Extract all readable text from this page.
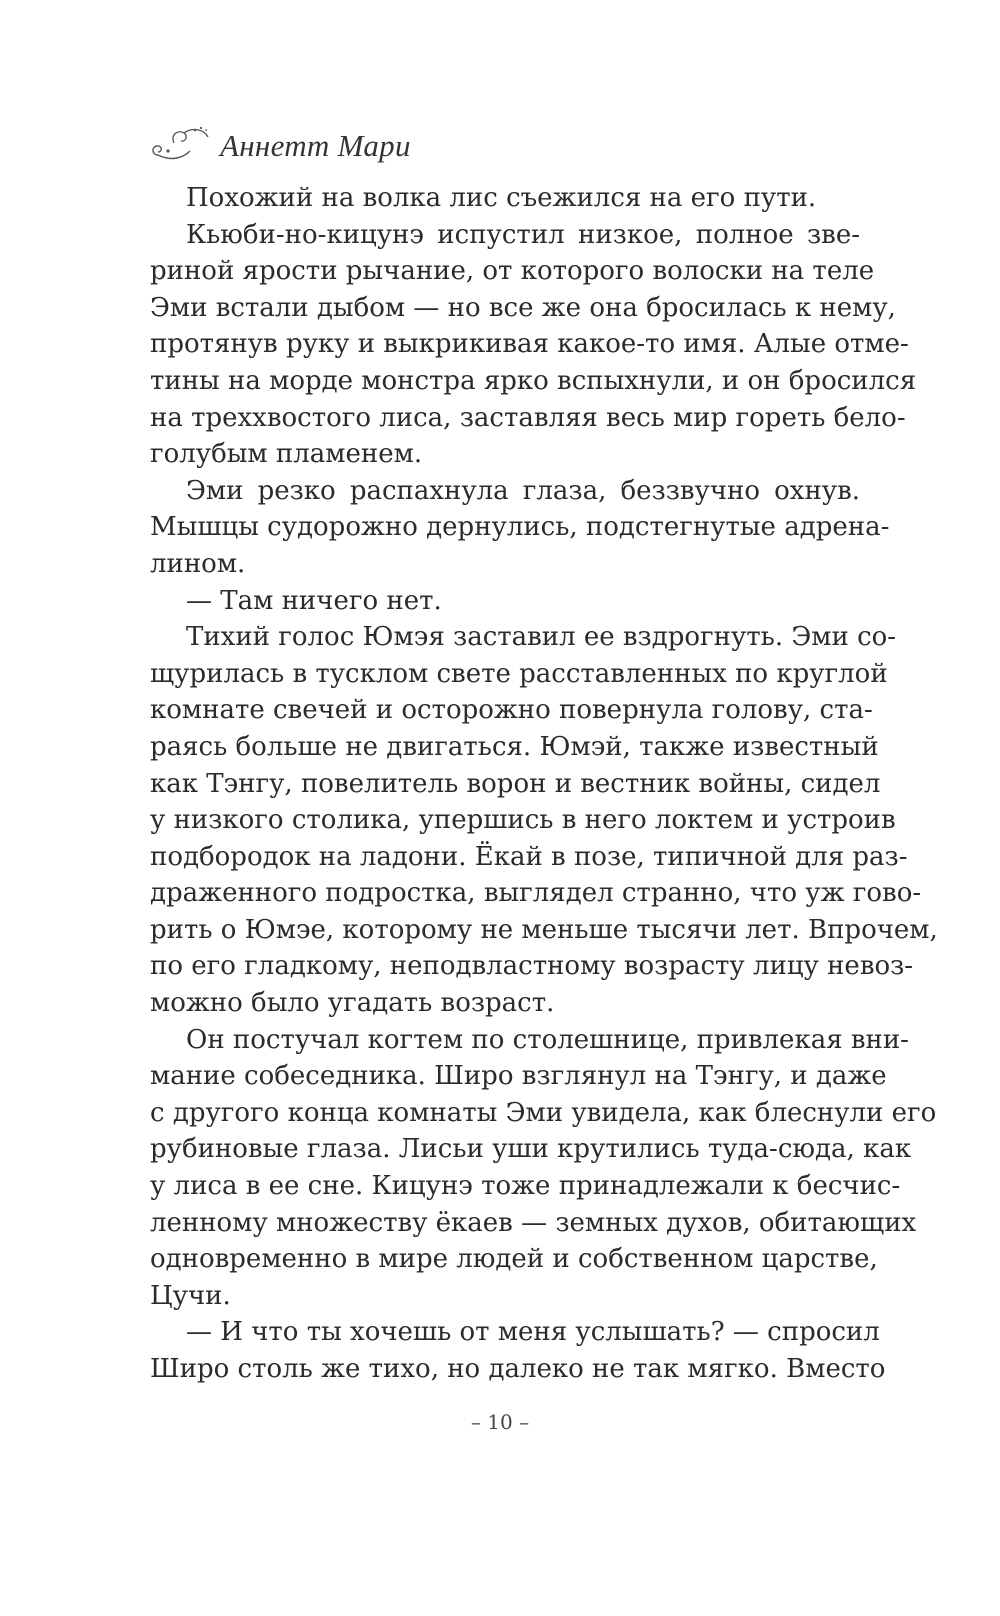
Аннетт Мари
Похожий на волка лис съежился на его пути.
Кьюби-но-кицунэ испустил низкое, полное зве-
риной ярости рычание, от которого волоски на теле
Эми встали дыбом — но все же она бросилась к нему,
протянув руку и выкрикивая какое-то имя. Алые отме-
тины на морде монстра ярко вспыхнули, и он бросился
на треххвостого лиса, заставляя весь мир гореть бело-
голубым пламенем.
Эми резко распахнула глаза, беззвучно охнув.
Мышцы судорожно дернулись, подстегнутые адрена-
лином.
— Там ничего нет.
Тихий голос Юмэя заставил ее вздрогнуть. Эми со-
щурилась в тусклом свете расставленных по круглой
комнате свечей и осторожно повернула голову, ста-
раясь больше не двигаться. Юмэй, также известный
как Тэнгу, повелитель ворон и вестник войны, сидел
у низкого столика, упершись в него локтем и устроив
подбородок на ладони. Ёкай в позе, типичной для раз-
драженного подростка, выглядел странно, что уж гово-
рить о Юмэе, которому не меньше тысячи лет. Впрочем,
по его гладкому, неподвластному возрасту лицу невоз-
можно было угадать возраст.
Он постучал когтем по столешнице, привлекая вни-
мание собеседника. Широ взглянул на Тэнгу, и даже
с другого конца комнаты Эми увидела, как блеснули его
рубиновые глаза. Лисьи уши крутились туда-сюда, как
у лиса в ее сне. Кицунэ тоже принадлежали к бесчис-
ленному множеству ёкаев — земных духов, обитающих
одновременно в мире людей и собственном царстве,
Цучи.
— И что ты хочешь от меня услышать? — спросил
Широ столь же тихо, но далеко не так мягко. Вместо
– 10 –
